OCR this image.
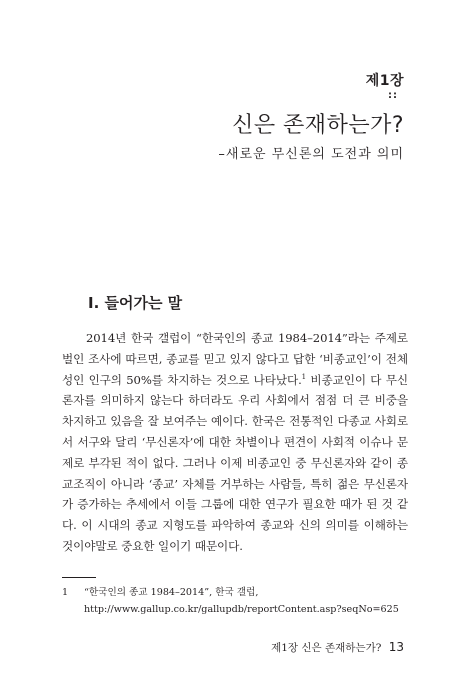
제1장
::
신은 존재하는가?
–새로운 무신론의 도전과 의미
I. 들어가는 말

2014년 한국 갤럽이 “한국인의 종교 1984–2014”라는 주제로 벌인 조사에 따르면, 종교를 믿고 있지 않다고 답한 ‘비종교인’이 전체 성인 인구의 50%를 차지하는 것으로 나타났다.$^1$ 비종교인이 다 무신론자를 의미하지 않는다 하더라도 우리 사회에서 점점 더 큰 비중을 차지하고 있음을 잘 보여주는 예이다. 한국은 전통적인 다종교 사회로서 서구와 달리 ‘무신론자’에 대한 차별이나 편견이 사회적 이슈나 문제로 부각된 적이 없다. 그러나 이제 비종교인 중 무신론자와 같이 종교조직이 아니라 ‘종교’ 자체를 거부하는 사람들, 특히 젊은 무신론자가 증가하는 추세에서 이들 그룹에 대한 연구가 필요한 때가 된 것 같다. 이 시대의 종교 지형도를 파악하여 종교와 신의 의미를 이해하는 것이야말로 중요한 일이기 때문이다.

1 “한국인의 종교 1984–2014”, 한국 갤럽, http://www.gallup.co.kr/gallupdb/reportContent.asp?seqNo=625
제1장 신은 존재하는가? 13
